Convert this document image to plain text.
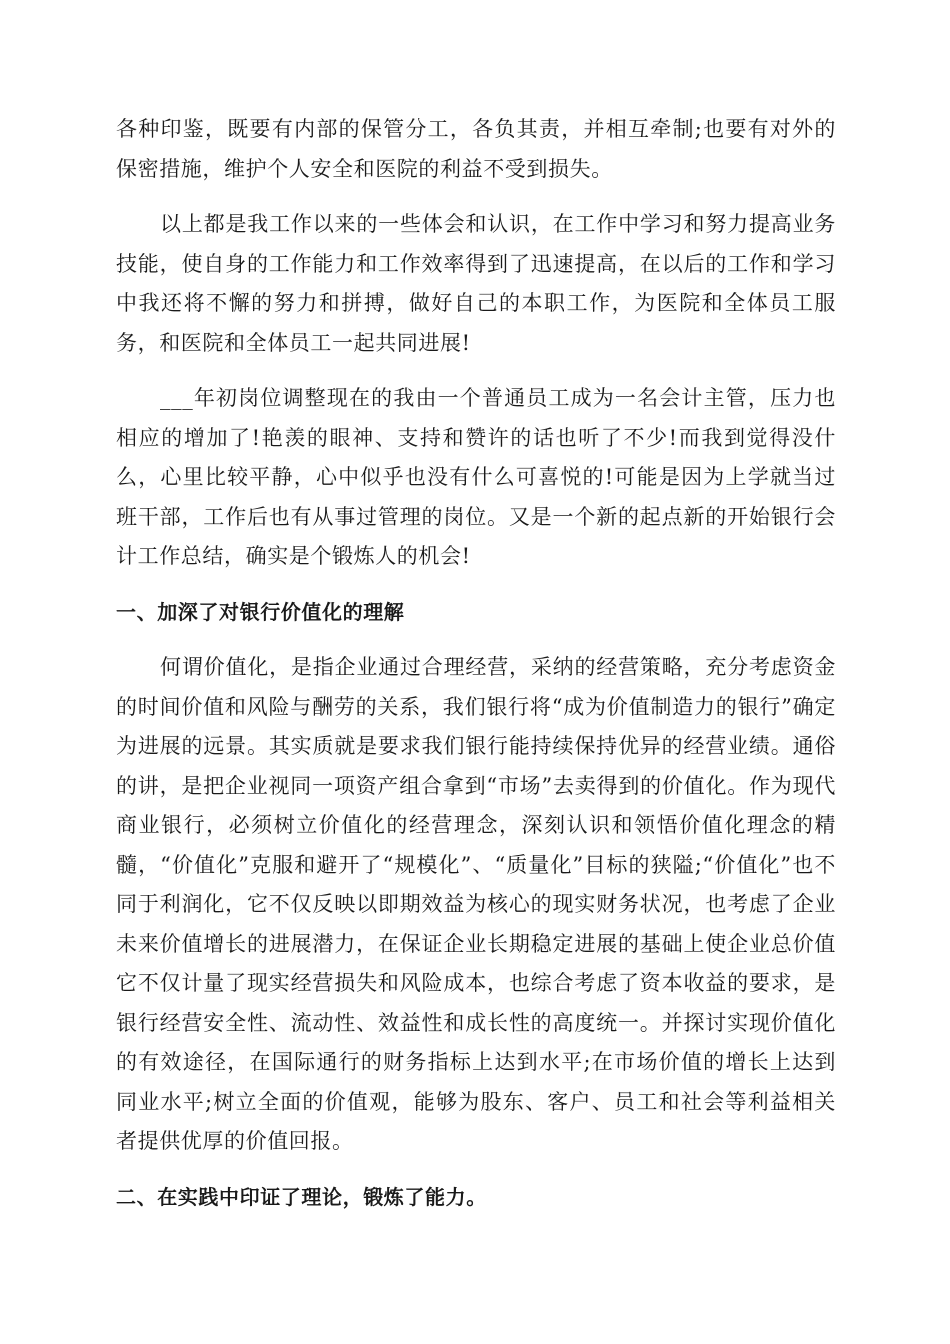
各种印鉴，既要有内部的保管分工，各负其责，并相互牵制;也要有对外的保密措施，维护个人安全和医院的利益不受到损失。

以上都是我工作以来的一些体会和认识，在工作中学习和努力提高业务技能，使自身的工作能力和工作效率得到了迅速提高，在以后的工作和学习中我还将不懈的努力和拼搏，做好自己的本职工作，为医院和全体员工服务，和医院和全体员工一起共同进展!

___年初岗位调整现在的我由一个普通员工成为一名会计主管，压力也相应的增加了!艳羡的眼神、支持和赞许的话也听了不少!而我到觉得没什么，心里比较平静，心中似乎也没有什么可喜悦的!可能是因为上学就当过班干部，工作后也有从事过管理的岗位。又是一个新的起点新的开始银行会计工作总结，确实是个锻炼人的机会!

一、加深了对银行价值化的理解

何谓价值化，是指企业通过合理经营，采纳的经营策略，充分考虑资金的时间价值和风险与酬劳的关系，我们银行将“成为价值制造力的银行”确定为进展的远景。其实质就是要求我们银行能持续保持优异的经营业绩。通俗的讲，是把企业视同一项资产组合拿到“市场”去卖得到的价值化。作为现代商业银行，必须树立价值化的经营理念，深刻认识和领悟价值化理念的精髓，“价值化”克服和避开了“规模化”、“质量化”目标的狭隘;“价值化”也不同于利润化，它不仅反映以即期效益为核心的现实财务状况，也考虑了企业未来价值增长的进展潜力，在保证企业长期稳定进展的基础上使企业总价值它不仅计量了现实经营损失和风险成本，也综合考虑了资本收益的要求，是银行经营安全性、流动性、效益性和成长性的高度统一。并探讨实现价值化的有效途径，在国际通行的财务指标上达到水平;在市场价值的增长上达到同业水平;树立全面的价值观，能够为股东、客户、员工和社会等利益相关者提供优厚的价值回报。

二、在实践中印证了理论，锻炼了能力。
